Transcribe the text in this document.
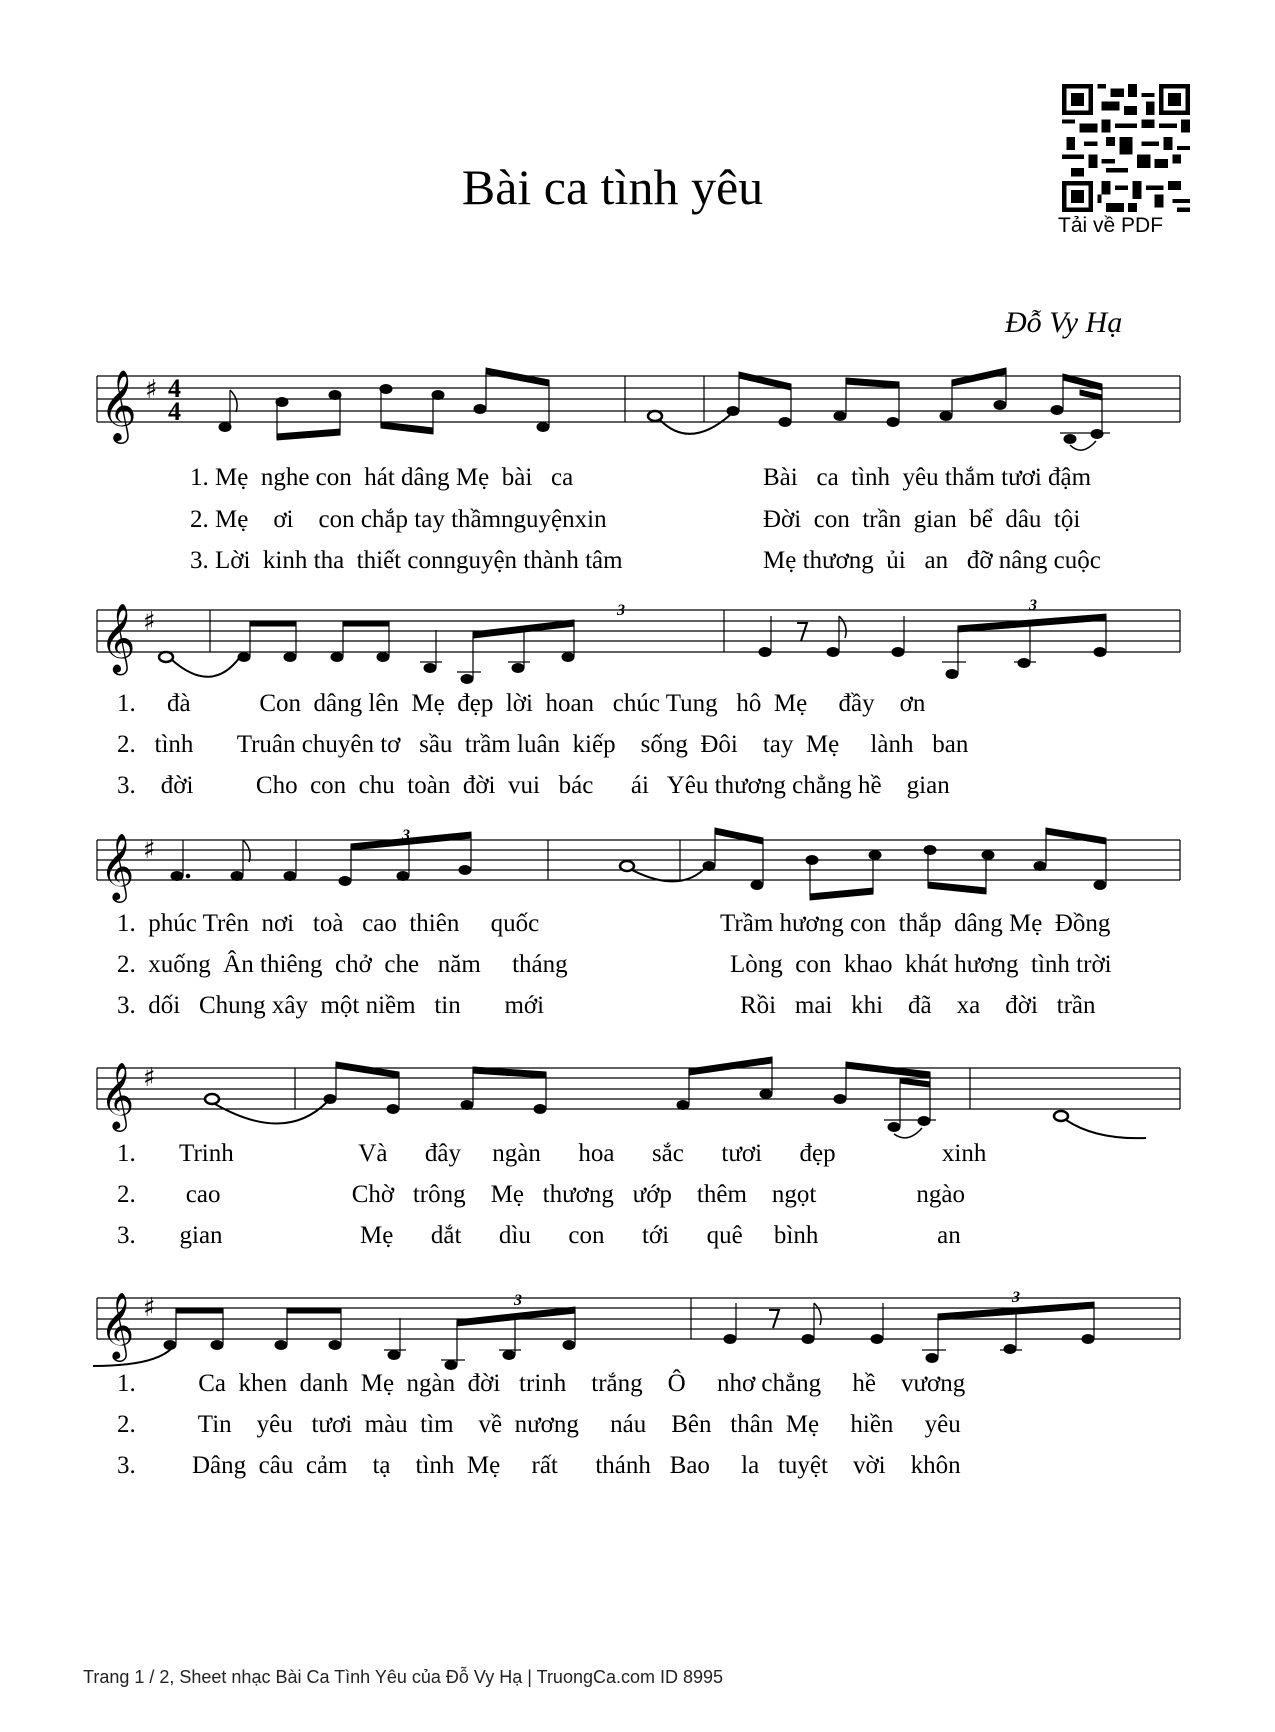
Bài ca tình yêu
Tải về PDF
Đỗ Vy Hạ
𝄞 ♯ 4
4
1. Mẹ  nghe con  hát dâng Mẹ  bài   ca	Bài   ca  tình  yêu thắm tươi đậm
2. Mẹ    ơi    con chắp tay thầmnguyệnxin	Đời  con  trần  gian  bể  dâu  tội
3. Lời  kinh tha  thiết connguyện thành tâm	Mẹ thương  ủi   an   đỡ nâng cuộc
𝄞 ♯	3	3
1.     đà           Con  dâng lên  Mẹ  đẹp  lời  hoan   chúc Tung   hô  Mẹ     đầy    ơn
2.   tình       Truân chuyên tơ   sầu  trầm luân  kiếp    sống  Đôi    tay  Mẹ     lành   ban
3.    đời          Cho  con  chu  toàn  đời  vui   bác      ái   Yêu thương chẳng hề    gian
𝄞 ♯	3
1.  phúc Trên  nơi   toà   cao  thiên     quốc	Trầm hương con  thắp  dâng Mẹ  Đồng
2.  xuống  Ân thiêng  chở  che   năm     tháng	Lòng  con  khao  khát hương  tình trời
3.  dối   Chung xây  một niềm   tin       mới	Rồi   mai   khi    đã    xa    đời   trần
𝄞 ♯
1.       Trinh                    Và      đây     ngàn      hoa      sắc      tươi      đẹp                 xinh
2.        cao                     Chờ   trông    Mẹ   thương   ướp    thêm    ngọt                ngào
3.       gian                      Mẹ      dắt      dìu      con      tới      quê     bình                   an
𝄞 ♯	3	3
1.          Ca  khen  danh  Mẹ  ngàn  đời   trinh    trắng    Ô     nhơ chẳng     hề    vương
2.          Tin    yêu   tươi  màu  tìm    về  nương     náu    Bên   thân  Mẹ     hiền     yêu
3.         Dâng  câu  cảm    tạ    tình  Mẹ     rất      thánh   Bao     la   tuyệt    vời    khôn
Trang 1 / 2, Sheet nhạc Bài Ca Tình Yêu của Đỗ Vy Hạ | TruongCa.com ID 8995
